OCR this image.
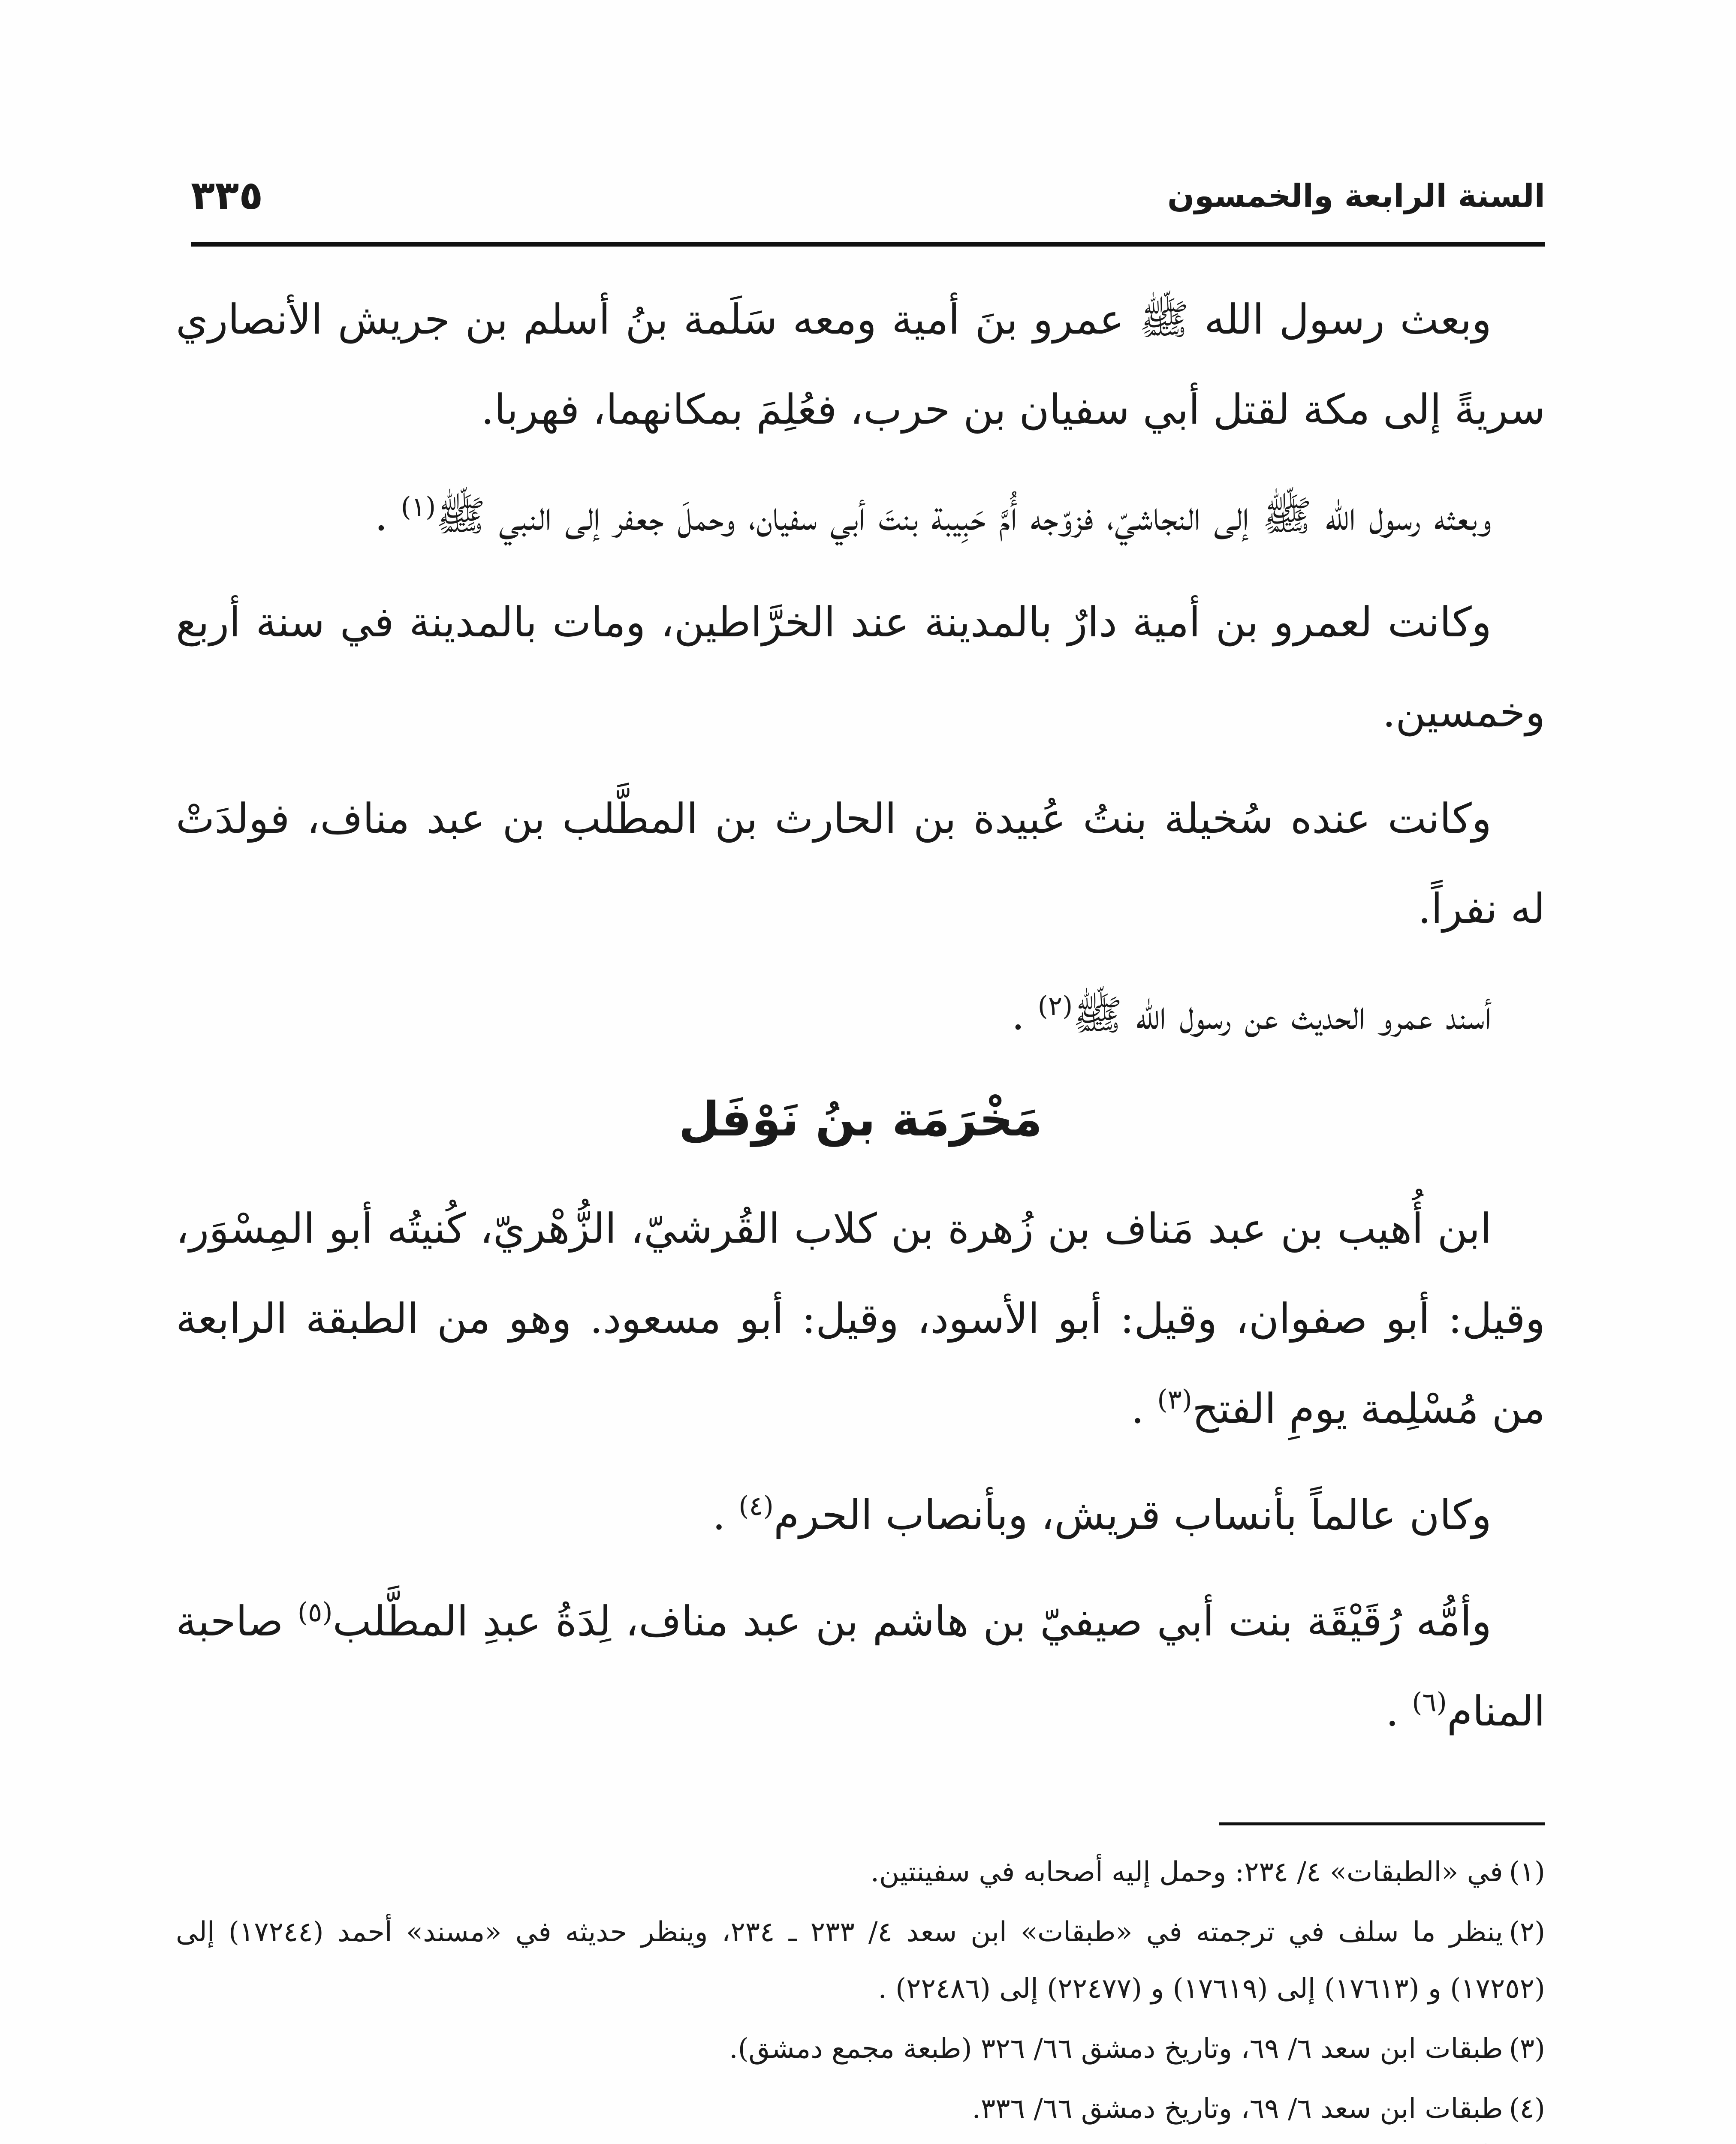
السنة الرابعة والخمسون
٣٣٥

وبعث رسول الله ﷺ عمرو بنَ أمية ومعه سَلَمة بنُ أسلم بن جريش الأنصاري سريةً إلى مكة لقتل أبي سفيان بن حرب، فعُلِمَ بمكانهما، فهربا.

وبعثه رسول الله ﷺ إلى النجاشيّ، فزوّجه أُمَّ حَبِيبة بنتَ أبي سفيان، وحملَ جعفر إلى النبي ﷺ$^{(١)}$ .

وكانت لعمرو بن أمية دارٌ بالمدينة عند الخرَّاطين، ومات بالمدينة في سنة أربع وخمسين.

وكانت عنده سُخيلة بنتُ عُبيدة بن الحارث بن المطَّلب بن عبد مناف، فولدَتْ له نفراً.

أسند عمرو الحديث عن رسول الله ﷺ$^{(٢)}$ .

مَخْرَمَة بنُ نَوْفَل

ابن أُهيب بن عبد مَناف بن زُهرة بن كلاب القُرشيّ، الزُّهْريّ، كُنيتُه أبو المِسْوَر، وقيل: أبو صفوان، وقيل: أبو الأسود، وقيل: أبو مسعود. وهو من الطبقة الرابعة من مُسْلِمة يومِ الفتح$^{(٣)}$ .

وكان عالماً بأنساب قريش، وبأنصاب الحرم$^{(٤)}$ .

وأمُّه رُقَيْقَة بنت أبي صيفيّ بن هاشم بن عبد مناف، لِدَةُ عبدِ المطَّلب$^{(٥)}$ صاحبة المنام$^{(٦)}$ .

(١)في «الطبقات» ٤/ ٢٣٤: وحمل إليه أصحابه في سفينتين.

(٢)ينظر ما سلف في ترجمته في «طبقات» ابن سعد ٤/ ٢٣٣ ـ ٢٣٤، وينظر حديثه في «مسند» أحمد (١٧٢٤٤) إلى (١٧٢٥٢) و (١٧٦١٣) إلى (١٧٦١٩) و (٢٢٤٧٧) إلى (٢٢٤٨٦) .

(٣)طبقات ابن سعد ٦/ ٦٩، وتاريخ دمشق ٦٦/ ٣٢٦ (طبعة مجمع دمشق).

(٤)طبقات ابن سعد ٦/ ٦٩، وتاريخ دمشق ٦٦/ ٣٣٦.
